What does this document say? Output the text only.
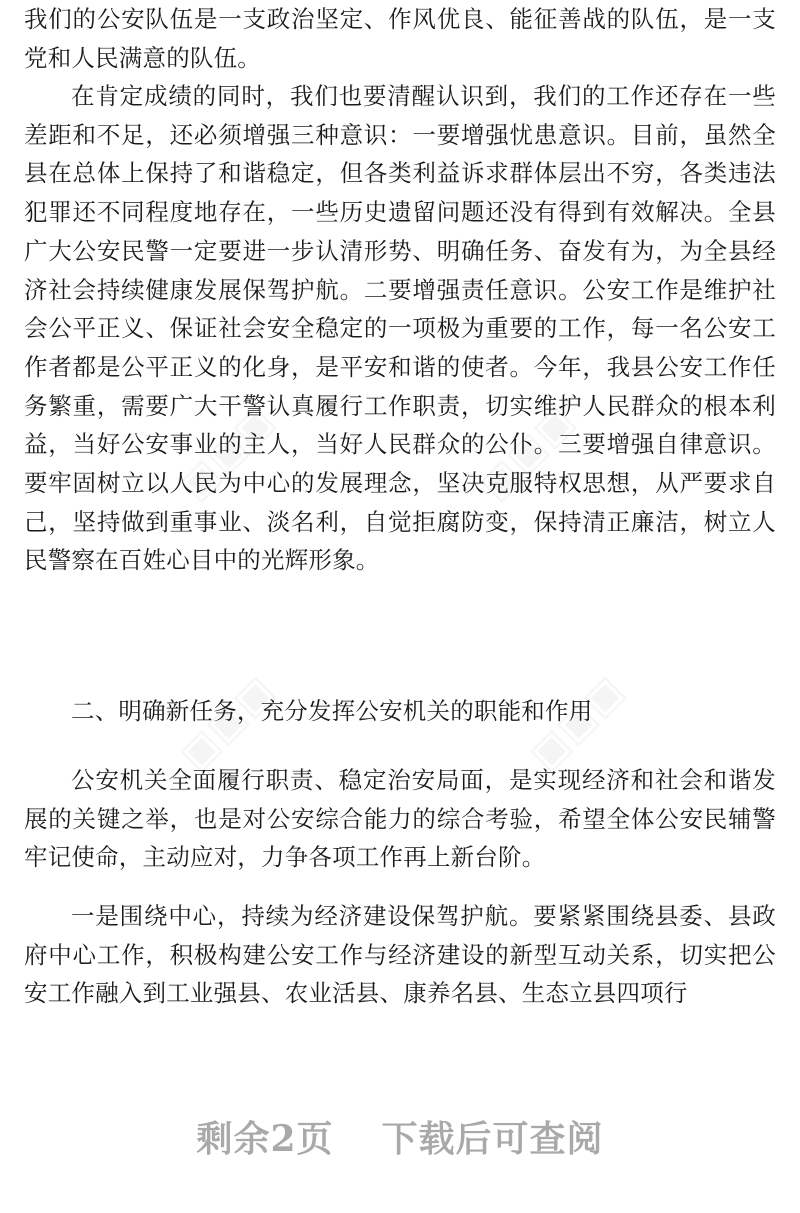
我们的公安队伍是一支政治坚定、作风优良、能征善战的队伍，是一支党和人民满意的队伍。

在肯定成绩的同时，我们也要清醒认识到，我们的工作还存在一些差距和不足，还必须增强三种意识：一要增强忧患意识。目前，虽然全县在总体上保持了和谐稳定，但各类利益诉求群体层出不穷，各类违法犯罪还不同程度地存在，一些历史遗留问题还没有得到有效解决。全县广大公安民警一定要进一步认清形势、明确任务、奋发有为，为全县经济社会持续健康发展保驾护航。二要增强责任意识。公安工作是维护社会公平正义、保证社会安全稳定的一项极为重要的工作，每一名公安工作者都是公平正义的化身，是平安和谐的使者。今年，我县公安工作任务繁重，需要广大干警认真履行工作职责，切实维护人民群众的根本利益，当好公安事业的主人，当好人民群众的公仆。三要增强自律意识。要牢固树立以人民为中心的发展理念，坚决克服特权思想，从严要求自己，坚持做到重事业、淡名利，自觉拒腐防变，保持清正廉洁，树立人民警察在百姓心目中的光辉形象。

二、明确新任务，充分发挥公安机关的职能和作用

公安机关全面履行职责、稳定治安局面，是实现经济和社会和谐发展的关键之举，也是对公安综合能力的综合考验，希望全体公安民辅警牢记使命，主动应对，力争各项工作再上新台阶。

一是围绕中心，持续为经济建设保驾护航。要紧紧围绕县委、县政府中心工作，积极构建公安工作与经济建设的新型互动关系，切实把公安工作融入到工业强县、农业活县、康养名县、生态立县四项行

剩余2页 下载后可查阅
